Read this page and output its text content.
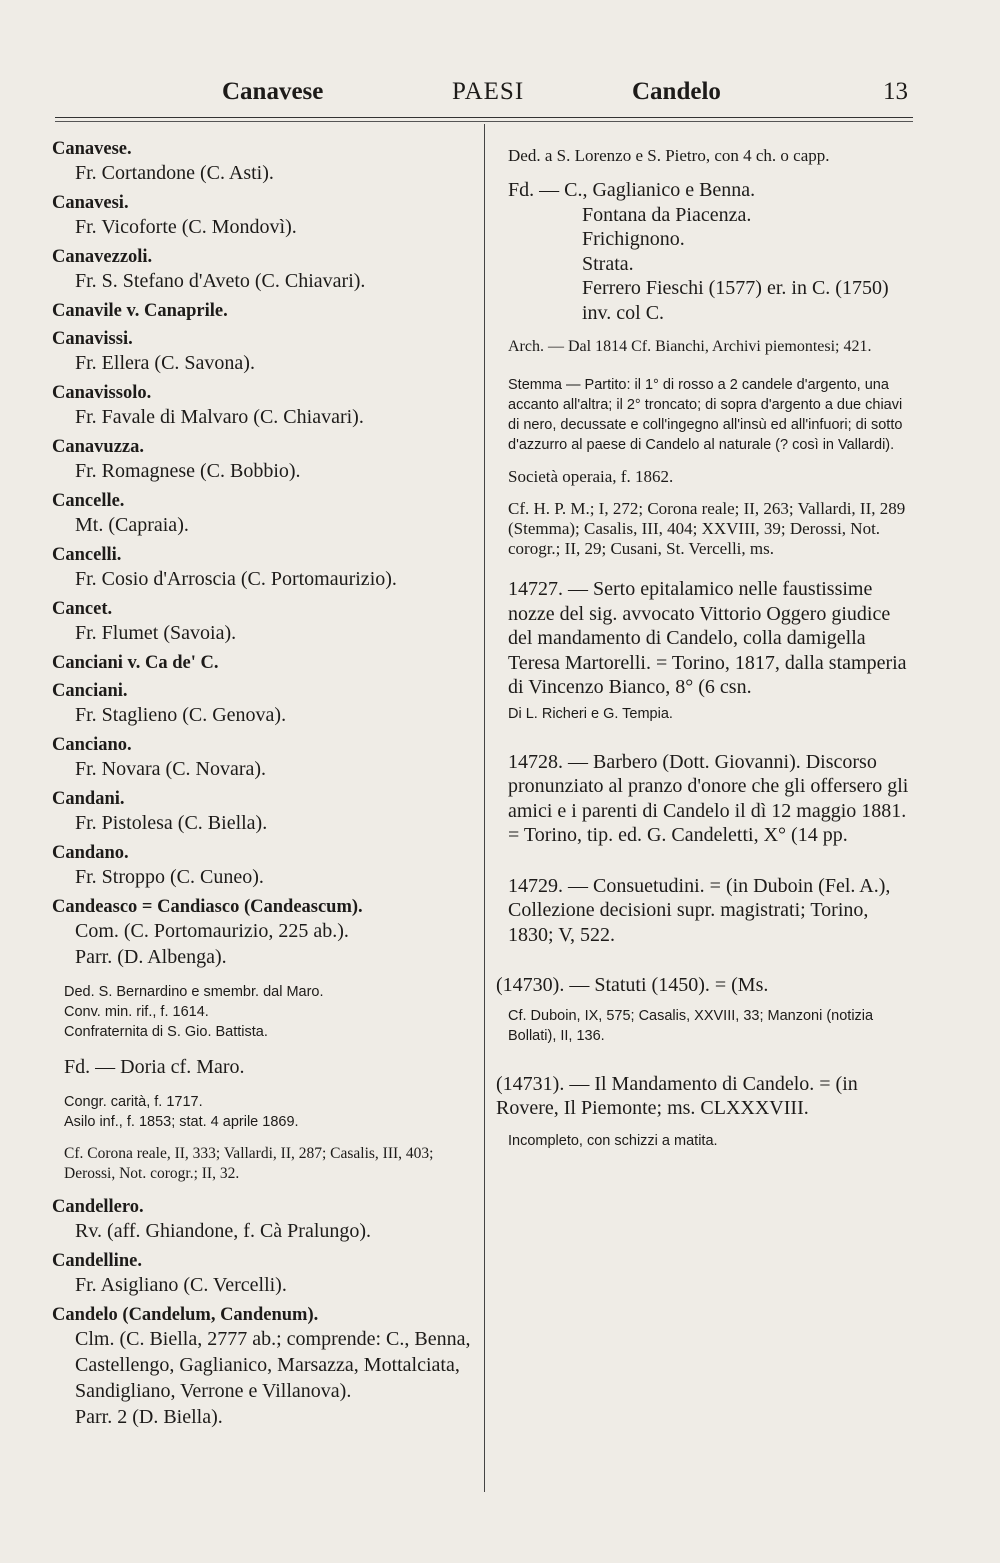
Canavese	PAESI	Candelo	13
Canavese.
Fr. Cortandone (C. Asti).
Canavesi.
Fr. Vicoforte (C. Mondovì).
Canavezzoli.
Fr. S. Stefano d'Aveto (C. Chiavari).
Canavile v. Canaprile.
Canavissi.
Fr. Ellera (C. Savona).
Canavissolo.
Fr. Favale di Malvaro (C. Chiavari).
Canavuzza.
Fr. Romagnese (C. Bobbio).
Cancelle.
Mt. (Capraia).
Cancelli.
Fr. Cosio d'Arroscia (C. Portomaurizio).
Cancet.
Fr. Flumet (Savoia).
Canciani v. Ca de' C.
Canciani.
Fr. Staglieno (C. Genova).
Canciano.
Fr. Novara (C. Novara).
Candani.
Fr. Pistolesa (C. Biella).
Candano.
Fr. Stroppo (C. Cuneo).
Candeasco = Candiasco (Candeascum).
Com. (C. Portomaurizio, 225 ab.).
Parr. (D. Albenga).
Ded. S. Bernardino e smembr. dal Maro.
Conv. min. rif., f. 1614.
Confraternita di S. Gio. Battista.
Fd. — Doria cf. Maro.
Congr. carità, f. 1717.
Asilo inf., f. 1853; stat. 4 aprile 1869.
Cf. Corona reale, II, 333; Vallardi, II, 287; Casalis, III, 403; Derossi, Not. corogr.; II, 32.
Candellero.
Rv. (aff. Ghiandone, f. Cà Pralungo).
Candelline.
Fr. Asigliano (C. Vercelli).
Candelo (Candelum, Candenum).
Clm. (C. Biella, 2777 ab.; comprende: C., Benna, Castellengo, Gaglianico, Marsazza, Mottalciata, Sandigliano, Verrone e Villanova).
Parr. 2 (D. Biella).
Ded. a S. Lorenzo e S. Pietro, con 4 ch. o capp.
Fd. — C., Gaglianico e Benna.
Fontana da Piacenza.
Frichignono.
Strata.
Ferrero Fieschi (1577) er. in C. (1750) inv. col C.
Arch. — Dal 1814 Cf. Bianchi, Archivi piemontesi; 421.
Stemma — Partito: il 1° di rosso a 2 candele d'argento, una accanto all'altra; il 2° troncato; di sopra d'argento a due chiavi di nero, decussate e coll'ingegno all'insù ed all'infuori; di sotto d'azzurro al paese di Candelo al naturale (? così in Vallardi).
Società operaia, f. 1862.
Cf. H. P. M.; I, 272; Corona reale; II, 263; Vallardi, II, 289 (Stemma); Casalis, III, 404; XXVIII, 39; Derossi, Not. corogr.; II, 29; Cusani, St. Vercelli, ms.
14727. — Serto epitalamico nelle faustissime nozze del sig. avvocato Vittorio Oggero giudice del mandamento di Candelo, colla damigella Teresa Martorelli. = Torino, 1817, dalla stamperia di Vincenzo Bianco, 8° (6 csn.
Di L. Richeri e G. Tempia.
14728. — Barbero (Dott. Giovanni). Discorso pronunziato al pranzo d'onore che gli offersero gli amici e i parenti di Candelo il dì 12 maggio 1881. = Torino, tip. ed. G. Candeletti, X° (14 pp.
14729. — Consuetudini. = (in Duboin (Fel. A.), Collezione decisioni supr. magistrati; Torino, 1830; V, 522.
(14730). — Statuti (1450). = (Ms.
Cf. Duboin, IX, 575; Casalis, XXVIII, 33; Manzoni (notizia Bollati), II, 136.
(14731). — Il Mandamento di Candelo. = (in Rovere, Il Piemonte; ms. CLXXXVIII.
Incompleto, con schizzi a matita.
